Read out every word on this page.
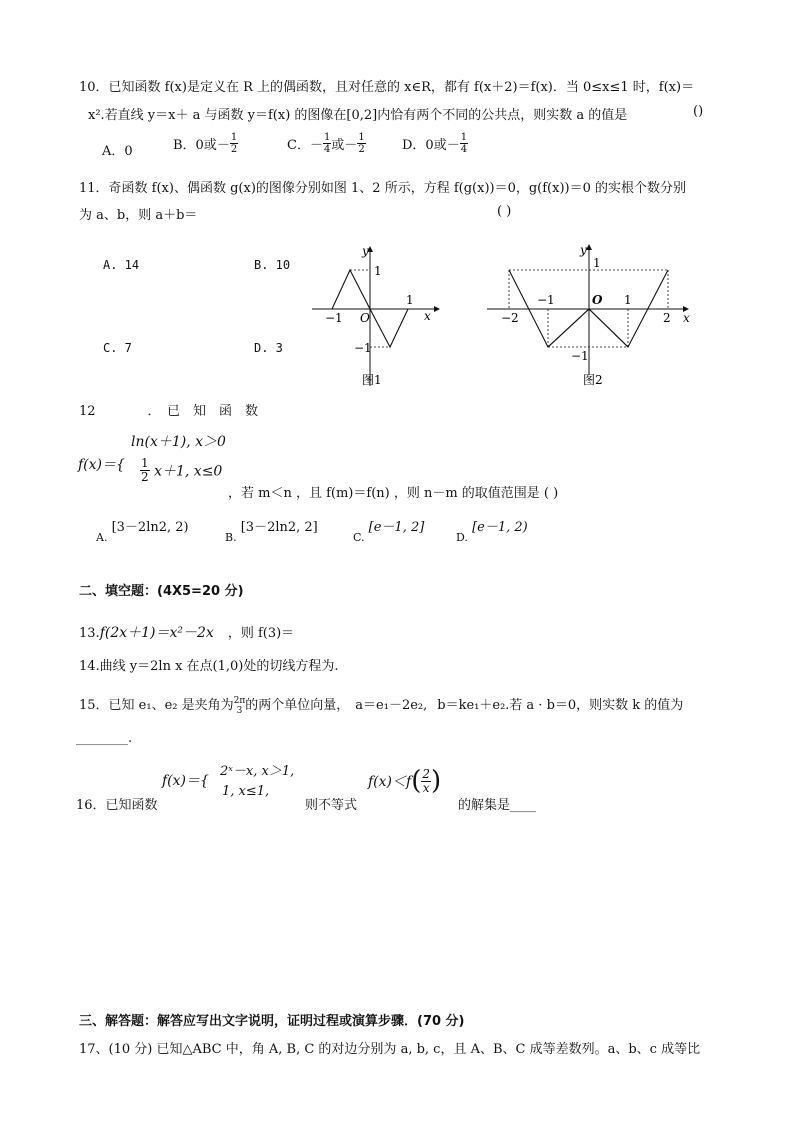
10．已知函数 f(x)是定义在 R 上的偶函数，且对任意的 x∈R，都有 f(x＋2)＝f(x)．当 0≤x≤1 时，f(x)＝
x².若直线 y＝x＋ a 与函数 y＝f(x) 的图像在[0,2]内恰有两个不同的公共点，则实数 a 的值是	()
A．0	B．0或－ $\frac{1}{2}$	C．－ $\frac{1}{4}$ 或－ $\frac{1}{2}$	D．0或－ $\frac{1}{4}$
11．奇函数 f(x)、偶函数 g(x)的图像分别如图 1、2 所示，方程 f(g(x))＝0，g(f(x))＝0 的实根个数分别
为 a、b，则 a＋b＝	( )
A. 14	B. 10
C. 7	D. 3
y
x
O
1
−1
1
−1
图1
y
x
O
1
−2
−1	1
2
−1
图2
12　　　　．　已　知　函　数
ln(x＋1), x＞0
$f(x)=\{ \frac{1}{2} x+1$, x≤0
，若 m＜n ，且 f(m)＝f(n) ，则 n－m 的取值范围是 ( )
$_{A.}$ [3－2ln2, 2)
$_{B.}$ [3－2ln2, 2]
$_{C.}$ [e－1, 2]
$_{D.}$ [e－1, 2)
二、填空题：(4X5=20 分)
13.f(2x＋1)＝x²－2x ，则 f(3)＝
14.曲线 y＝2ln x 在点(1,0)处的切线方程为.
15．已知 e₁、e₂ 是夹角为 2π
3 的两个单位向量， a＝e₁－2e₂, b＝ke₁＋e₂.若 a · b＝0，则实数 k 的值为
________.
f(x)＝{
2ˣ－x, x＞1,
1, x≤1,
16．已知函数	则不等式
$f(x)<f( \frac{2}{x}$ )
的解集是____
三、解答题：解答应写出文字说明，证明过程或演算步骤．(70 分)
17、(10 分) 已知△ABC 中，角 A, B, C 的对边分别为 a, b, c，且 A、B、C 成等差数列。a、b、c 成等比
